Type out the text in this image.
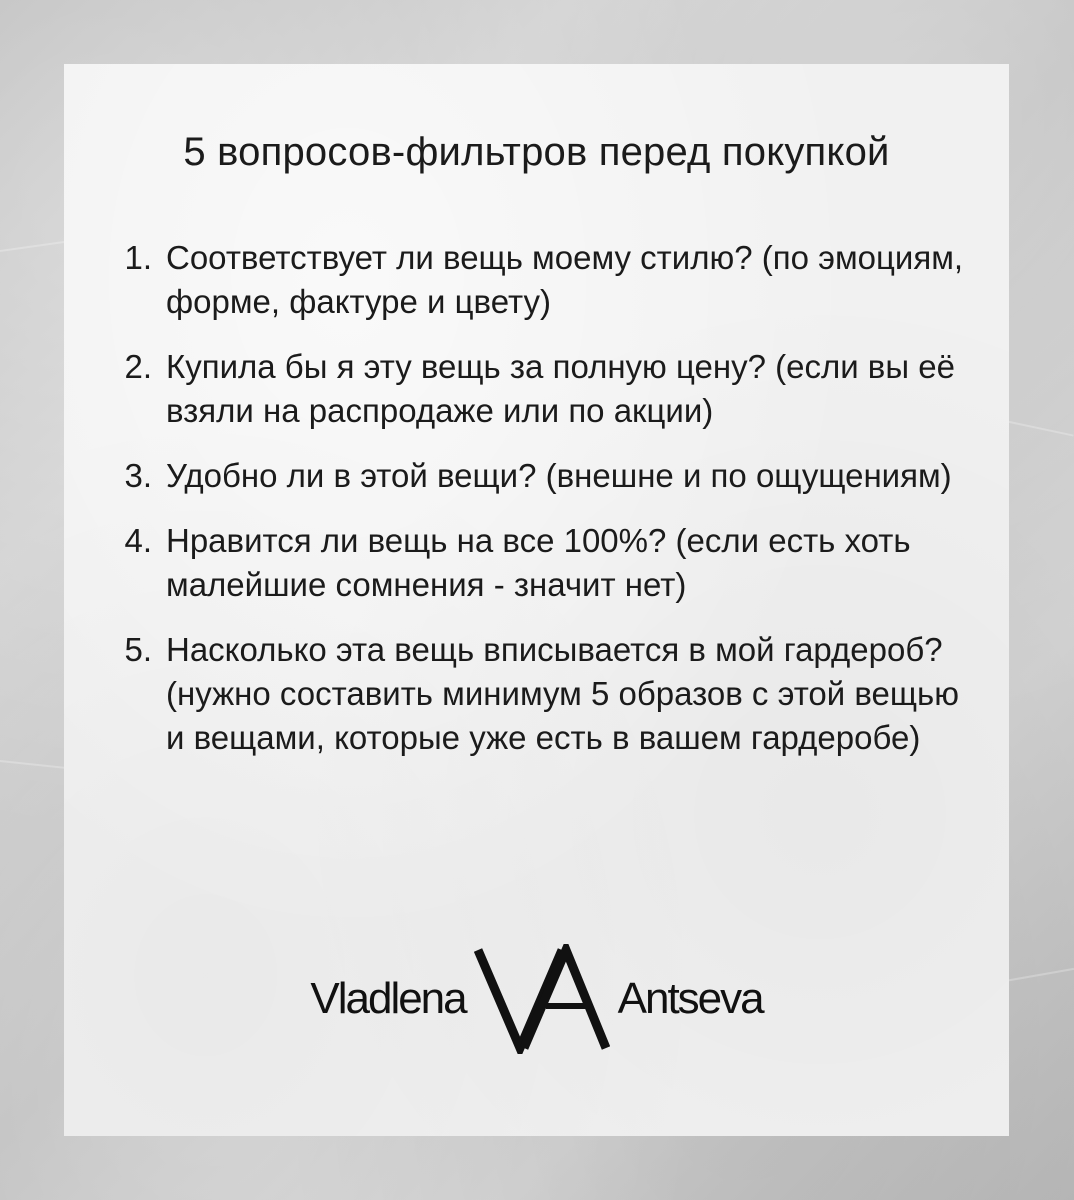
5 вопросов-фильтров перед покупкой
1. Соответствует ли вещь моему стилю? (по эмоциям, форме, фактуре и цвету)
2. Купила бы я эту вещь за полную цену? (если вы её взяли на распродаже или по акции)
3. Удобно ли в этой вещи? (внешне и по ощущениям)
4. Нравится ли вещь на все 100%? (если есть хоть малейшие сомнения - значит нет)
5. Насколько эта вещь вписывается в мой гардероб? (нужно составить минимум 5 образов с этой вещью и вещами, которые уже есть в вашем гардеробе)
Vladlena	Antseva
